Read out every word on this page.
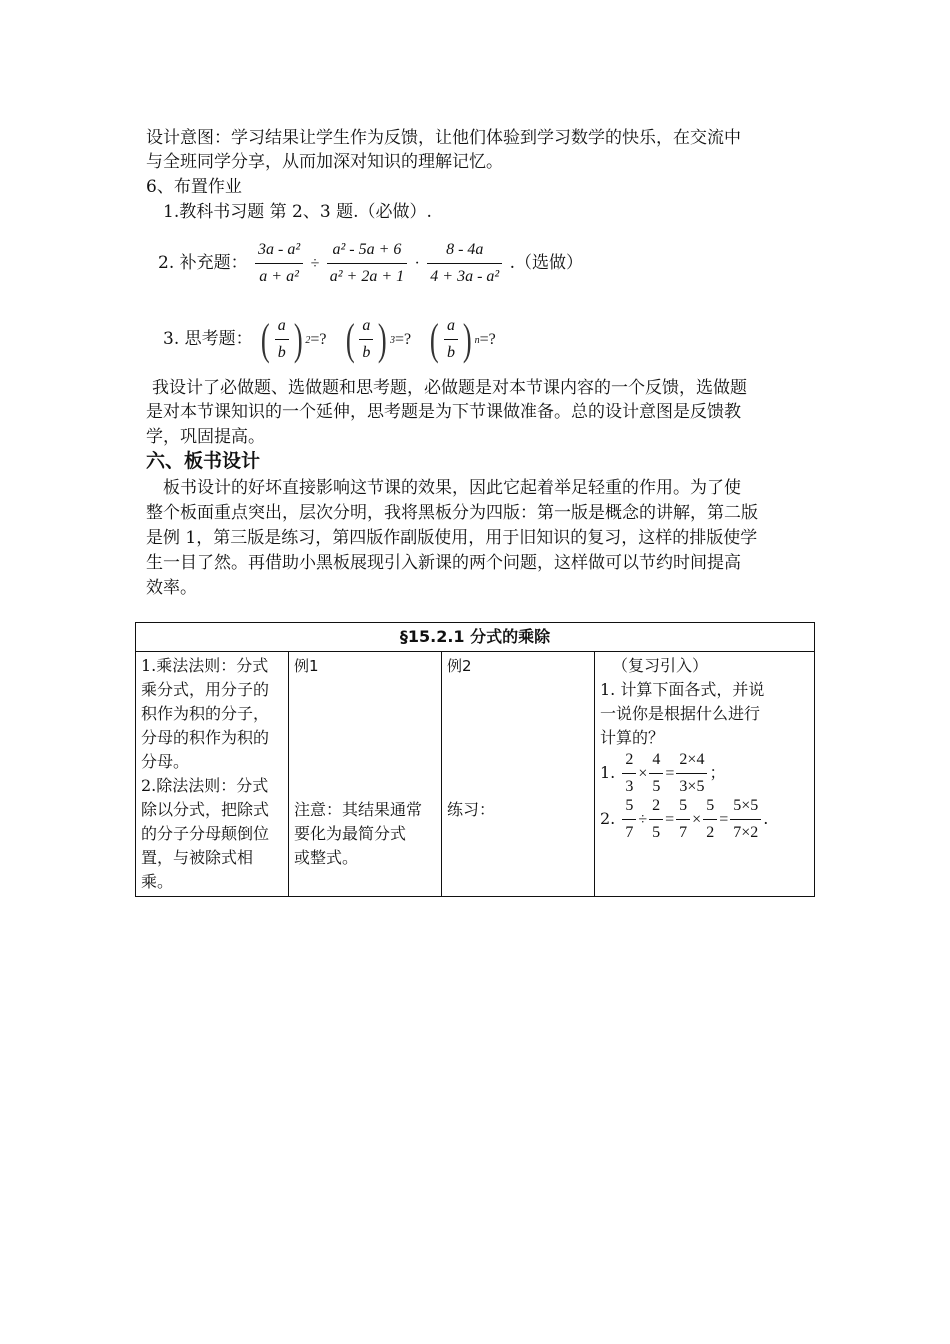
设计意图：学习结果让学生作为反馈，让他们体验到学习数学的快乐，在交流中
与全班同学分享，从而加深对知识的理解记忆。
6、布置作业
1.教科书习题 第 2、3 题.（必做）.
2. 补充题： $\frac{\text{3a - a²}}{\text{a + a²}} \div \frac{\text{a² - 5a + 6}}{\text{a² + 2a + 1}} \cdot \frac{8 - 4a}{\text{4 + 3a - a²}}$ .（选做）
3. 思考题： ( $\frac{a}{b}$ ) $^2$=? ( $\frac{a}{b}$ ) $^3$=? ( $\frac{a}{b}$ ) $^n$=?
我设计了必做题、选做题和思考题，必做题是对本节课内容的一个反馈，选做题
是对本节课知识的一个延伸，思考题是为下节课做准备。总的设计意图是反馈教
学，巩固提高。
六、板书设计
板书设计的好坏直接影响这节课的效果，因此它起着举足轻重的作用。为了使
整个板面重点突出，层次分明，我将黑板分为四版：第一版是概念的讲解，第二版
是例 1，第三版是练习，第四版作副版使用，用于旧知识的复习，这样的排版使学
生一目了然。再借助小黑板展现引入新课的两个问题，这样做可以节约时间提高
效率。
§15.2.1 分式的乘除

1.乘法法则：分式
乘分式，用分子的
积作为积的分子，
分母的积作为积的
分母。
2.除法法则：分式
除以分式，把除式
的分子分母颠倒位
置，与被除式相乘。

例1
注意：其结果通常
要化为最简分式
或整式。

例2
练习：

（复习引入）
1. 计算下面各式，并说
一说你是根据什么进行
计算的？
1. $\frac{2}{3} \times \frac{4}{5} = \frac{2\times 4}{3\times 5}$ ；
2. $\frac{5}{7} \div \frac{2}{5} = \frac{5}{7} \times \frac{5}{2} = \frac{5\times 5}{7\times 2}$ .
